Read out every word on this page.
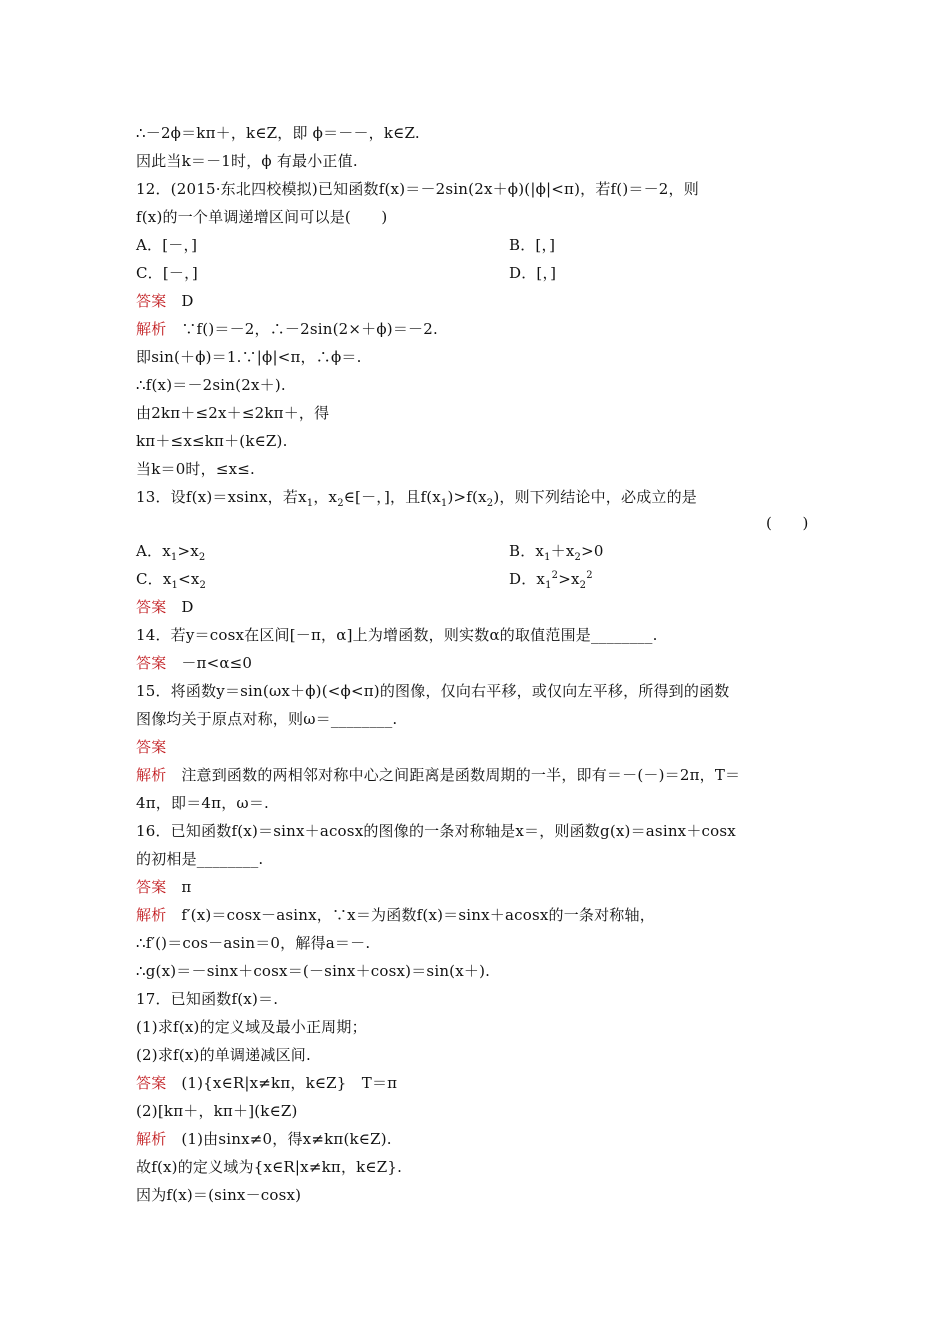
∴－2ϕ＝kπ＋，k∈Z，即 ϕ＝－－，k∈Z.
因此当k＝－1时，ϕ 有最小正值.
12．(2015·东北四校模拟)已知函数f(x)＝－2sin(2x＋ϕ)(|ϕ|<π)，若f()＝－2，则
f(x)的一个单调递增区间可以是(　　)
A．[－，]	B．[，]
C．[－，]	D．[，]
答案 D
解析 ∵f()＝－2，∴－2sin(2×＋ϕ)＝－2.
即sin(＋ϕ)＝1.∵|ϕ|<π，∴ϕ＝.
∴f(x)＝－2sin(2x＋).
由2kπ＋≤2x＋≤2kπ＋，得
kπ＋≤x≤kπ＋(k∈Z).
当k＝0时，≤x≤.
13．设f(x)＝xsinx，若$x_1$，$x_2\in[-$，]，且$f(x_1)>f(x_2)$，则下列结论中，必成立的是
(　　)
A．$x_1>x_2$	B．$x_1+x_2>0$
C．$x_1<x_2$	D．$x_1^2>x_2^2$
答案 D
14．若y＝cosx在区间[－π，α]上为增函数，则实数α的取值范围是________.
答案 －π<α≤0
15．将函数y＝sin(ωx＋ϕ)(<ϕ<π)的图像，仅向右平移，或仅向左平移，所得到的函数
图像均关于原点对称，则ω＝________.
答案
解析 注意到函数的两相邻对称中心之间距离是函数周期的一半，即有＝－(－)＝2π，T＝
4π，即＝4π，ω＝.
16．已知函数f(x)＝sinx＋acosx的图像的一条对称轴是x＝，则函数g(x)＝asinx＋cosx
的初相是________.
答案 π
解析 f′(x)＝cosx－asinx，∵x＝为函数f(x)＝sinx＋acosx的一条对称轴，
∴f′()＝cos－asin＝0，解得a＝－.
∴g(x)＝－sinx＋cosx＝(－sinx＋cosx)＝sin(x＋).
17．已知函数f(x)＝.
(1)求f(x)的定义域及最小正周期；
(2)求f(x)的单调递减区间.
答案 (1){x∈R|x≠kπ，k∈Z}　T＝π
(2)[kπ＋，kπ＋](k∈Z)
解析 (1)由sinx≠0，得x≠kπ(k∈Z).
故f(x)的定义域为{x∈R|x≠kπ，k∈Z}.
因为f(x)＝(sinx－cosx)
